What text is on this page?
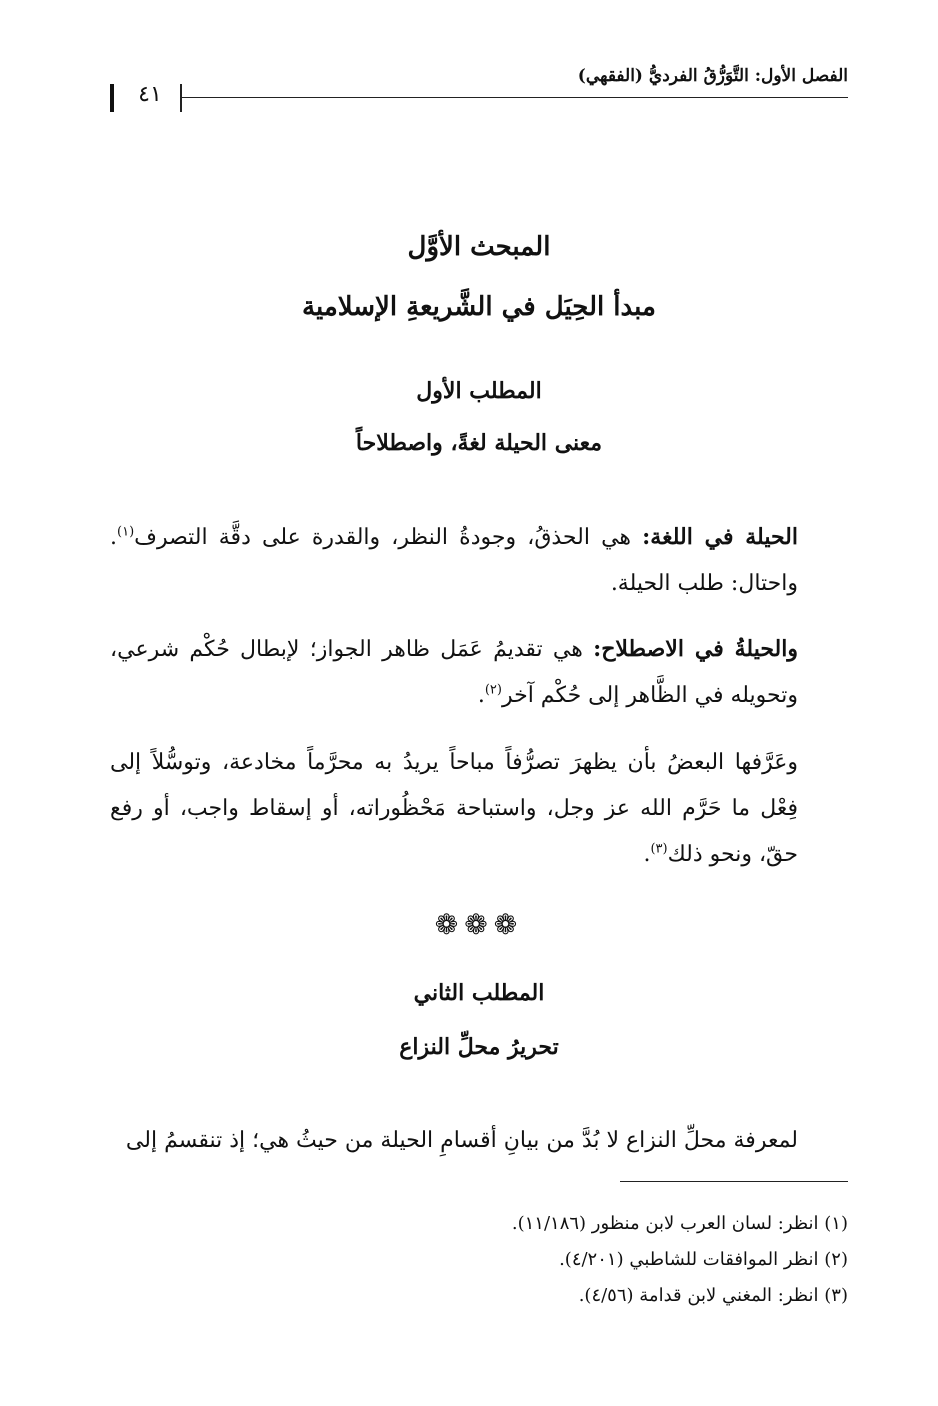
٤١
الفصل الأول: التَّوَرُّقُ الفرديُّ (الفقهي)
المبحث الأوَّل
مبدأ الحِيَل في الشَّريعةِ الإسلامية
المطلب الأول
معنى الحيلة لغةً، واصطلاحاً

الحيلة في اللغة: هي الحذقُ، وجودةُ النظر، والقدرة على دقَّة التصرف$^{(١)}$. واحتال: طلب الحيلة.

والحيلةُ في الاصطلاح: هي تقديمُ عَمَل ظاهر الجواز؛ لإبطال حُكْم شرعي، وتحويله في الظَّاهر إلى حُكْم آخر$^{(٢)}$.

وعَرَّفها البعضُ بأن يظهرَ تصرُّفاً مباحاً يريدُ به محرَّماً مخادعة، وتوسُّلاً إلى فِعْل ما حَرَّم الله عز وجل، واستباحة مَحْظُوراته، أو إسقاط واجب، أو رفع حقّ، ونحو ذلك$^{(٣)}$.

❁❁❁
المطلب الثاني
تحريرُ محلِّ النزاع

لمعرفة محلِّ النزاع لا بُدَّ من بيانِ أقسامِ الحيلة من حيثُ هي؛ إذ تنقسمُ إلى

(١) انظر: لسان العرب لابن منظور (١١/١٨٦).
(٢) انظر الموافقات للشاطبي (٤/٢٠١).
(٣) انظر: المغني لابن قدامة (٤/٥٦).
